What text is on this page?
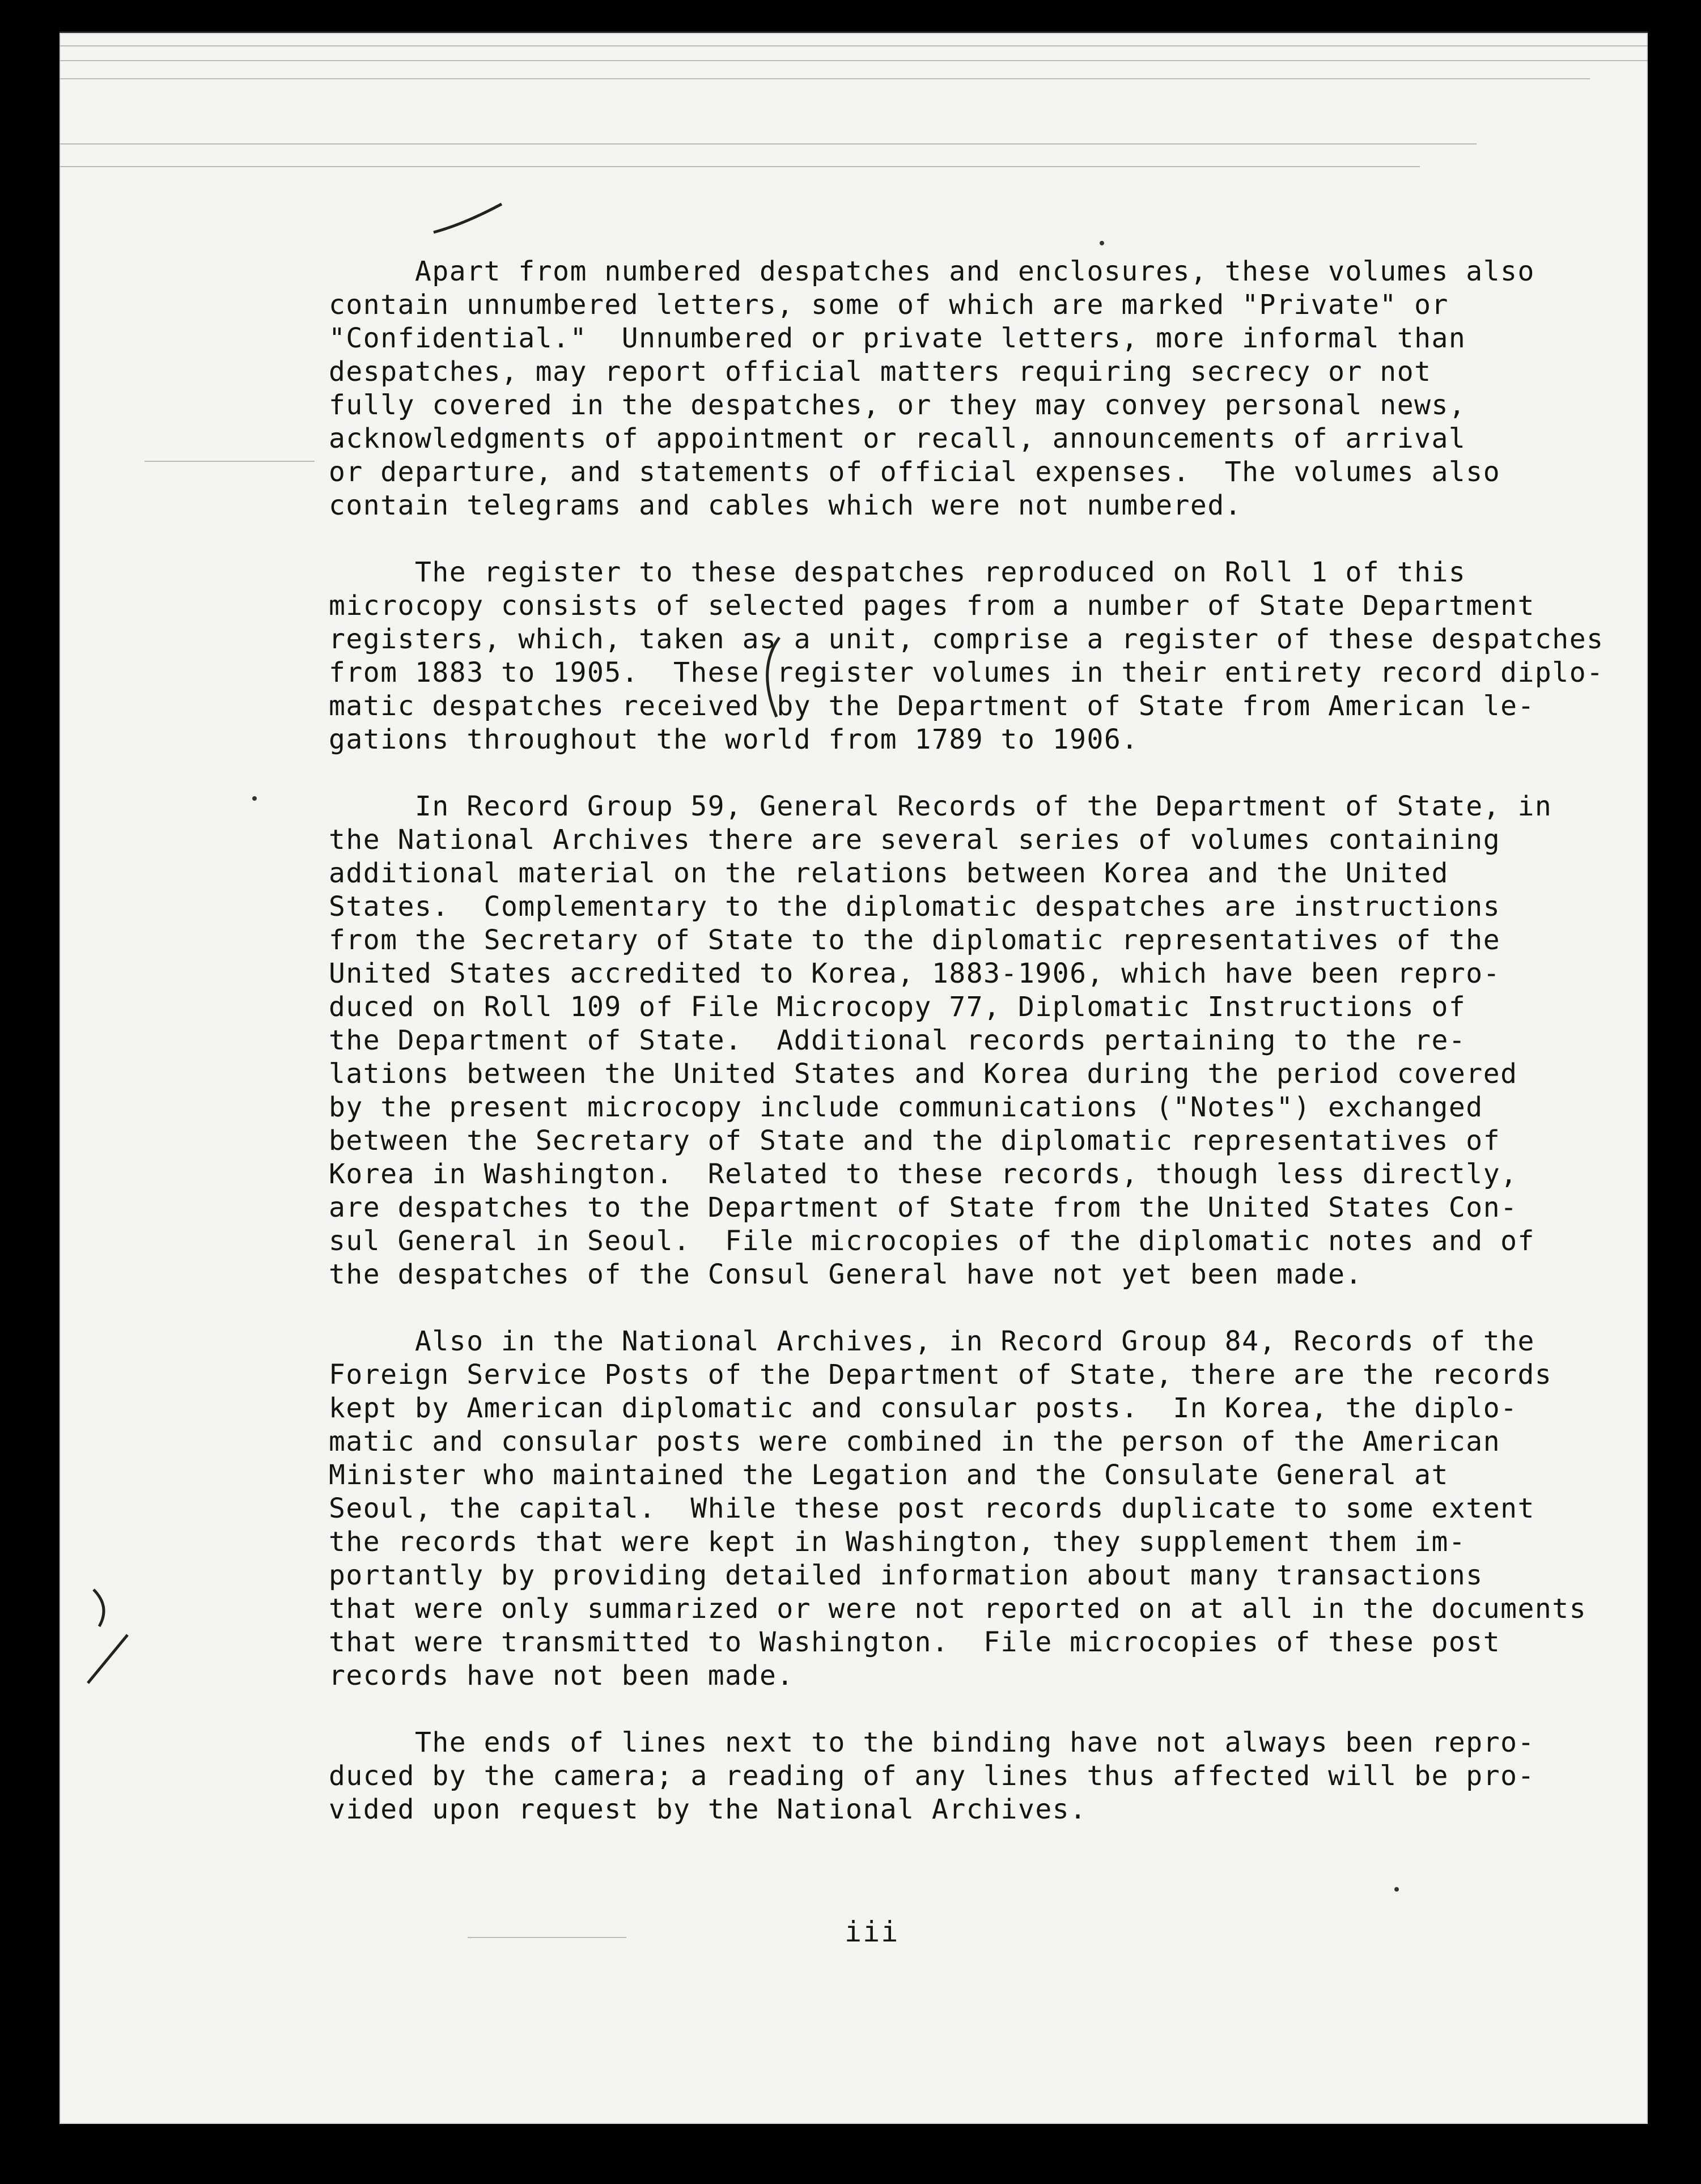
Apart from numbered despatches and enclosures, these volumes also
contain unnumbered letters, some of which are marked "Private" or
"Confidential."  Unnumbered or private letters, more informal than
despatches, may report official matters requiring secrecy or not
fully covered in the despatches, or they may convey personal news,
acknowledgments of appointment or recall, announcements of arrival
or departure, and statements of official expenses.  The volumes also
contain telegrams and cables which were not numbered.

The register to these despatches reproduced on Roll 1 of this
microcopy consists of selected pages from a number of State Department
registers, which, taken as a unit, comprise a register of these despatches
from 1883 to 1905.  These register volumes in their entirety record diplo-
matic despatches received by the Department of State from American le-
gations throughout the world from 1789 to 1906.

In Record Group 59, General Records of the Department of State, in
the National Archives there are several series of volumes containing
additional material on the relations between Korea and the United
States.  Complementary to the diplomatic despatches are instructions
from the Secretary of State to the diplomatic representatives of the
United States accredited to Korea, 1883-1906, which have been repro-
duced on Roll 109 of File Microcopy 77, Diplomatic Instructions of
the Department of State.  Additional records pertaining to the re-
lations between the United States and Korea during the period covered
by the present microcopy include communications ("Notes") exchanged
between the Secretary of State and the diplomatic representatives of
Korea in Washington.  Related to these records, though less directly,
are despatches to the Department of State from the United States Con-
sul General in Seoul.  File microcopies of the diplomatic notes and of
the despatches of the Consul General have not yet been made.

Also in the National Archives, in Record Group 84, Records of the
Foreign Service Posts of the Department of State, there are the records
kept by American diplomatic and consular posts.  In Korea, the diplo-
matic and consular posts were combined in the person of the American
Minister who maintained the Legation and the Consulate General at
Seoul, the capital.  While these post records duplicate to some extent
the records that were kept in Washington, they supplement them im-
portantly by providing detailed information about many transactions
that were only summarized or were not reported on at all in the documents
that were transmitted to Washington.  File microcopies of these post
records have not been made.

The ends of lines next to the binding have not always been repro-
duced by the camera; a reading of any lines thus affected will be pro-
vided upon request by the National Archives.

iii
